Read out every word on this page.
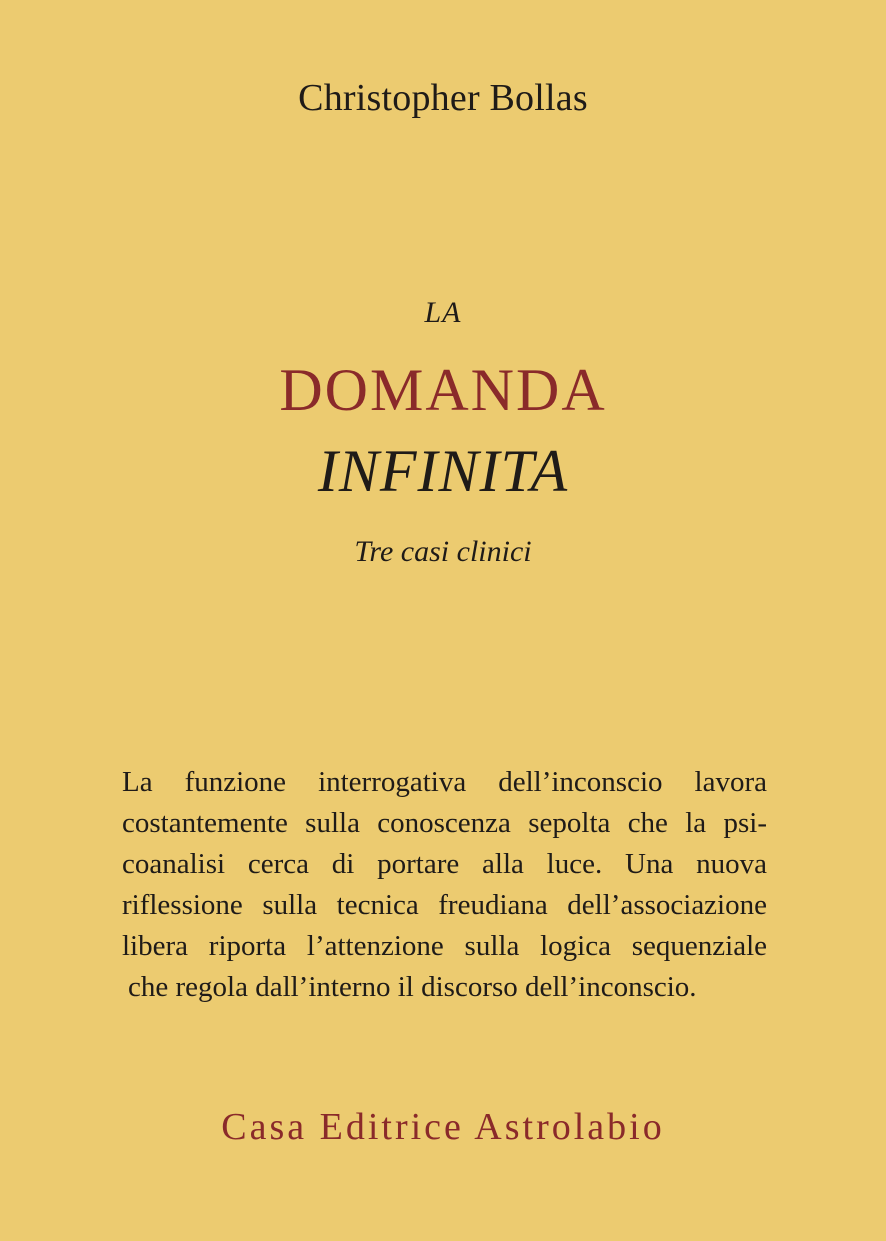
Christopher Bollas
LA
DOMANDA
INFINITA
Tre casi clinici
La funzione interrogativa dell’inconscio lavora
costantemente sulla conoscenza sepolta che la psi-
coanalisi cerca di portare alla luce. Una nuova
riflessione sulla tecnica freudiana dell’associazione
libera riporta l’attenzione sulla logica sequenziale
che regola dall’interno il discorso dell’inconscio.
Casa Editrice Astrolabio
